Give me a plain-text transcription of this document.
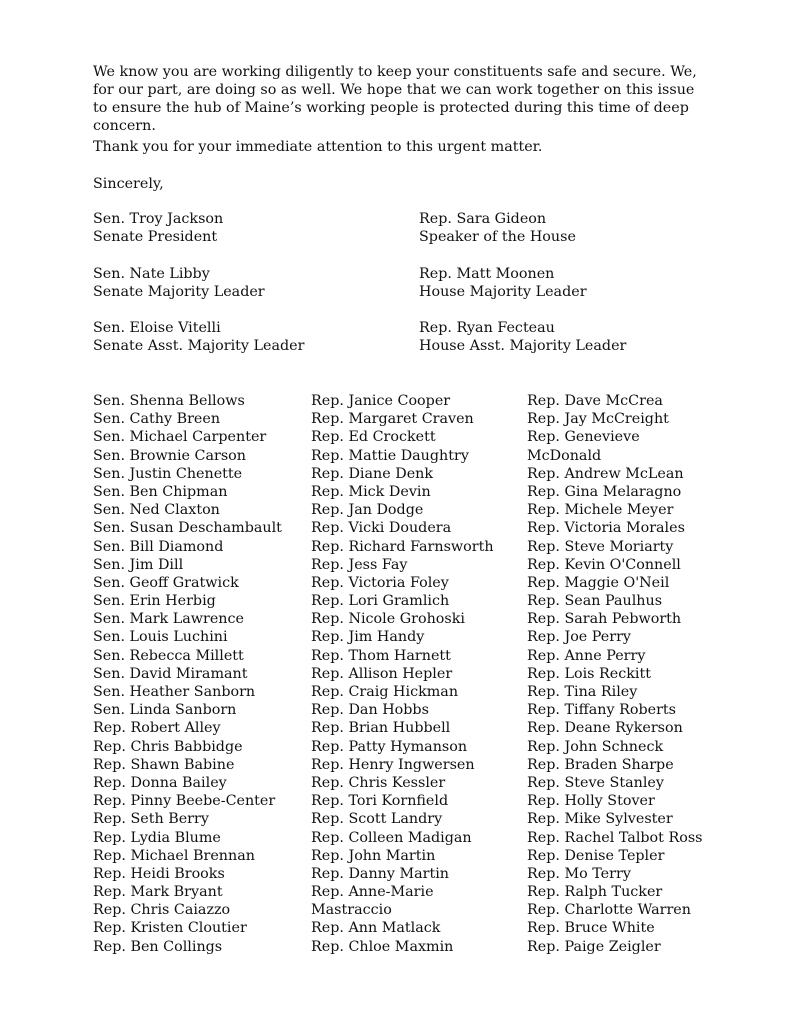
We know you are working diligently to keep your constituents safe and secure. We, for our part, are doing so as well. We hope that we can work together on this issue to ensure the hub of Maine’s working people is protected during this time of deep concern.

Thank you for your immediate attention to this urgent matter.

Sincerely,

Sen. Troy Jackson
Senate President
Rep. Sara Gideon
Speaker of the House
Sen. Nate Libby
Senate Majority Leader
Rep. Matt Moonen
House Majority Leader
Sen. Eloise Vitelli
Senate Asst. Majority Leader
Rep. Ryan Fecteau
House Asst. Majority Leader
Sen. Shenna Bellows
Sen. Cathy Breen
Sen. Michael Carpenter
Sen. Brownie Carson
Sen. Justin Chenette
Sen. Ben Chipman
Sen. Ned Claxton
Sen. Susan Deschambault
Sen. Bill Diamond
Sen. Jim Dill
Sen. Geoff Gratwick
Sen. Erin Herbig
Sen. Mark Lawrence
Sen. Louis Luchini
Sen. Rebecca Millett
Sen. David Miramant
Sen. Heather Sanborn
Sen. Linda Sanborn
Rep. Robert Alley
Rep. Chris Babbidge
Rep. Shawn Babine
Rep. Donna Bailey
Rep. Pinny Beebe-Center
Rep. Seth Berry
Rep. Lydia Blume
Rep. Michael Brennan
Rep. Heidi Brooks
Rep. Mark Bryant
Rep. Chris Caiazzo
Rep. Kristen Cloutier
Rep. Ben Collings
Rep. Janice Cooper
Rep. Margaret Craven
Rep. Ed Crockett
Rep. Mattie Daughtry
Rep. Diane Denk
Rep. Mick Devin
Rep. Jan Dodge
Rep. Vicki Doudera
Rep. Richard Farnsworth
Rep. Jess Fay
Rep. Victoria Foley
Rep. Lori Gramlich
Rep. Nicole Grohoski
Rep. Jim Handy
Rep. Thom Harnett
Rep. Allison Hepler
Rep. Craig Hickman
Rep. Dan Hobbs
Rep. Brian Hubbell
Rep. Patty Hymanson
Rep. Henry Ingwersen
Rep. Chris Kessler
Rep. Tori Kornfield
Rep. Scott Landry
Rep. Colleen Madigan
Rep. John Martin
Rep. Danny Martin
Rep. Anne-Marie
Mastraccio
Rep. Ann Matlack
Rep. Chloe Maxmin
Rep. Dave McCrea
Rep. Jay McCreight
Rep. Genevieve
McDonald
Rep. Andrew McLean
Rep. Gina Melaragno
Rep. Michele Meyer
Rep. Victoria Morales
Rep. Steve Moriarty
Rep. Kevin O'Connell
Rep. Maggie O'Neil
Rep. Sean Paulhus
Rep. Sarah Pebworth
Rep. Joe Perry
Rep. Anne Perry
Rep. Lois Reckitt
Rep. Tina Riley
Rep. Tiffany Roberts
Rep. Deane Rykerson
Rep. John Schneck
Rep. Braden Sharpe
Rep. Steve Stanley
Rep. Holly Stover
Rep. Mike Sylvester
Rep. Rachel Talbot Ross
Rep. Denise Tepler
Rep. Mo Terry
Rep. Ralph Tucker
Rep. Charlotte Warren
Rep. Bruce White
Rep. Paige Zeigler
